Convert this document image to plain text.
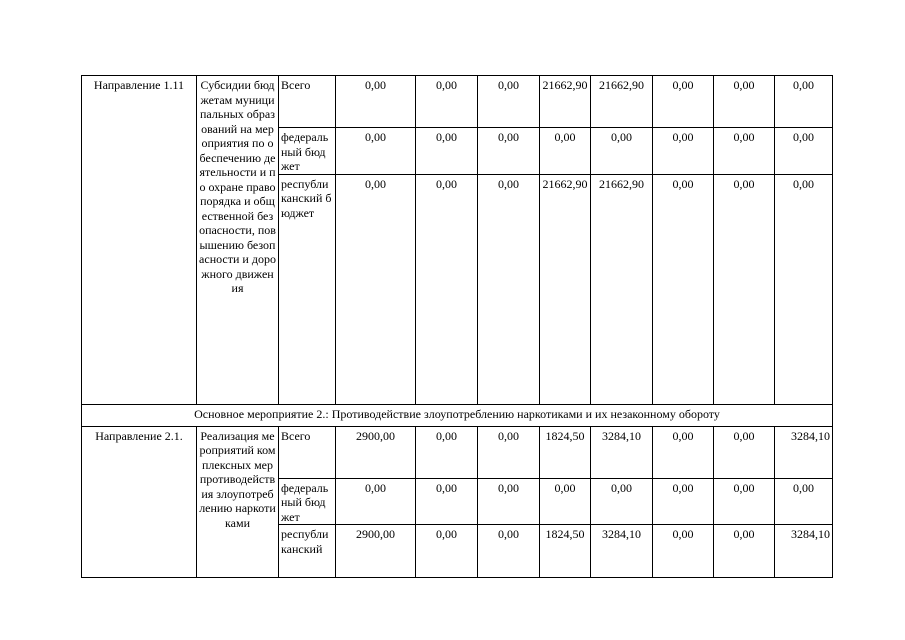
Направление 1.11	Субсидии бюджетам муниципальных образований на мероприятия по обеспечению деятельности и по охране правопорядка и общественной безопасности, повышению безопасности и дорожного движения	Всего	0,00	0,00	0,00	21662,90	21662,90	0,00	0,00	0,00
		федеральный бюджет	0,00	0,00	0,00	0,00	0,00	0,00	0,00	0,00
		республиканский бюджет	0,00	0,00	0,00	21662,90	21662,90	0,00	0,00	0,00
Основное мероприятие 2.: Противодействие злоупотреблению наркотиками и их незаконному обороту										
Направление 2.1.	Реализация мероприятий комплексных мер противодействия злоупотреблению наркотиками	Всего	2900,00	0,00	0,00	1824,50	3284,10	0,00	0,00	3284,10
		федеральный бюджет	0,00	0,00	0,00	0,00	0,00	0,00	0,00	0,00
		республиканский	2900,00	0,00	0,00	1824,50	3284,10	0,00	0,00	3284,10
